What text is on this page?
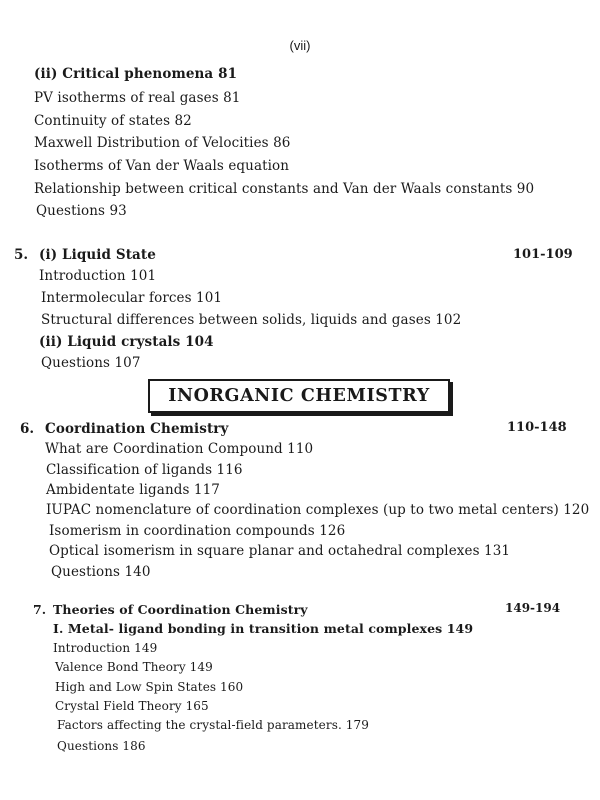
(vii)
(ii) Critical phenomena 81
PV isotherms of real gases 81
Continuity of states 82
Maxwell Distribution of Velocities 86
Isotherms of Van der Waals equation
Relationship between critical constants and Van der Waals constants 90
Questions 93
5. (i) Liquid State	101-109
Introduction 101
Intermolecular forces 101
Structural differences between solids, liquids and gases 102
(ii) Liquid crystals 104
Questions 107
INORGANIC CHEMISTRY
6. Coordination Chemistry	110-148
What are Coordination Compound 110
Classification of ligands 116
Ambidentate ligands 117
IUPAC nomenclature of coordination complexes (up to two metal centers) 120
Isomerism in coordination compounds 126
Optical isomerism in square planar and octahedral complexes 131
Questions 140
7. Theories of Coordination Chemistry	149-194
I. Metal- ligand bonding in transition metal complexes 149
Introduction 149
Valence Bond Theory 149
High and Low Spin States 160
Crystal Field Theory 165
Factors affecting the crystal-field parameters. 179
Questions 186
